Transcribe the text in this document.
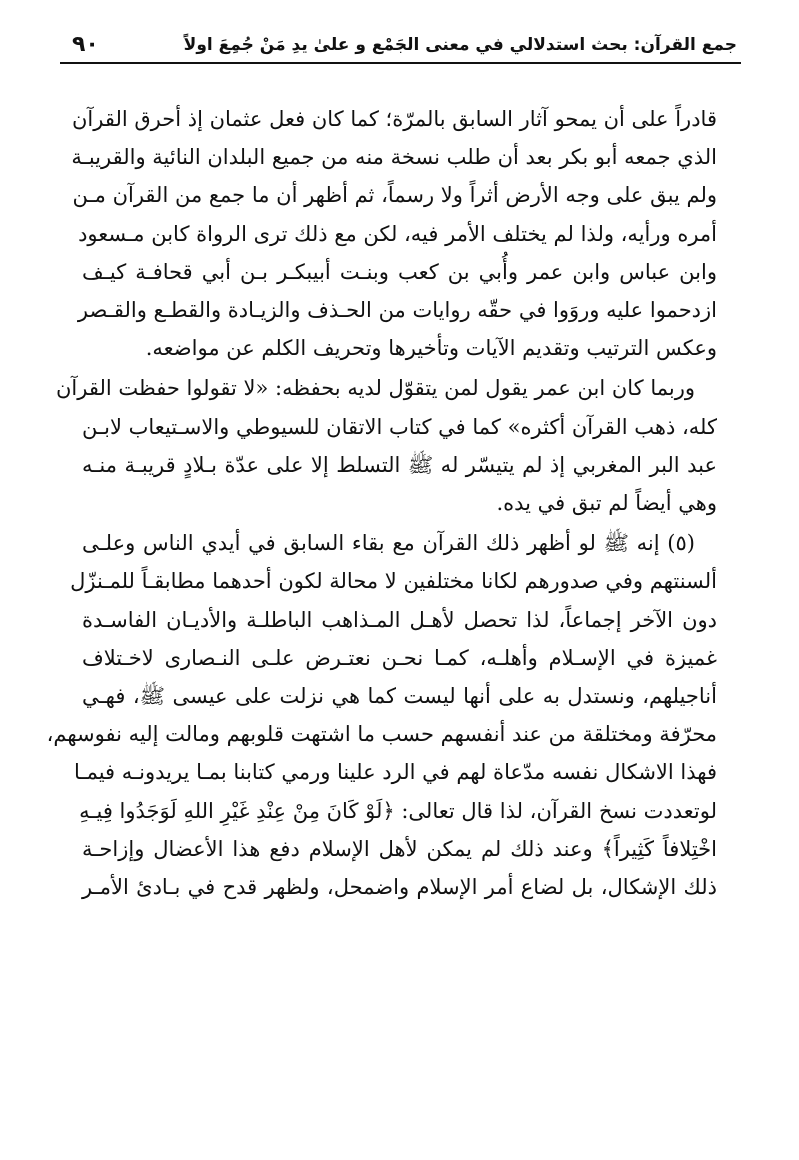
٩٠	جمع القرآن: بحث استدلالي في معنى الجَمْع و علىٰ يدِ مَنْ جُمِعَ اولاً

قادراً على أن يمحو آثار السابق بالمرّة؛ كما كان فعل عثمان إذ أحرق القرآن
الذي جمعه أبو بكر بعد أن طلب نسخة منه من جميع البلدان النائية والقريبـة
ولم يبق على وجه الأرض أثراً ولا رسماً، ثم أظهر أن ما جمع من القرآن مـن
أمره ورأيه، ولذا لم يختلف الأمر فيه، لكن مع ذلك ترى الرواة كابن مـسعود
وابن عباس وابن عمر وأُبي بن كعب وبنـت أبيبكـر بـن أبي قحافـة كيـف
ازدحموا عليه وروَوا في حقّه روايات من الحـذف والزيـادة والقطـع والقـصر
وعكس الترتيب وتقديم الآيات وتأخيرها وتحريف الكلم عن مواضعه.

وربما كان ابن عمر يقول لمن يتقوّل لديه بحفظه: «لا تقولوا حفظت القرآن
كله، ذهب القرآن أكثره» كما في كتاب الاتقان للسيوطي والاسـتيعاب لابـن
عبد البر المغربي إذ لم يتيسّر له ﷺ التسلط إلا على عدّة بـلادٍ قريبـة منـه
وهي أيضاً لم تبق في يده.

(٥) إنه ﷺ لو أظهر ذلك القرآن مع بقاء السابق في أيدي الناس وعلـى
ألسنتهم وفي صدورهم لكانا مختلفين لا محالة لكون أحدهما مطابقـاً للمـنزّل
دون الآخر إجماعاً، لذا تحصل لأهـل المـذاهب الباطلـة والأديـان الفاسـدة
غميزة في الإسـلام وأهلـه، كمـا نحـن نعتـرض علـى النـصارى لاخـتلاف
أناجيلهم، ونستدل به على أنها ليست كما هي نزلت على عيسى ﷺ، فهـي
محرّفة ومختلقة من عند أنفسهم حسب ما اشتهت قلوبهم ومالت إليه نفوسهم،
فهذا الاشكال نفسه مدّعاة لهم في الرد علينا ورمي كتابنا بمـا يريدونـه فيمـا
لوتعددت نسخ القرآن، لذا قال تعالى: ﴿لَوْ كَانَ مِنْ عِنْدِ غَيْرِ اللهِ لَوَجَدُوا فِيـهِ
اخْتِلافاً كَثِيراً﴾ وعند ذلك لم يمكن لأهل الإسلام دفع هذا الأعضال وإزاحـة
ذلك الإشكال، بل لضاع أمر الإسلام واضمحل، ولظهر قدح في بـادئ الأمـر
